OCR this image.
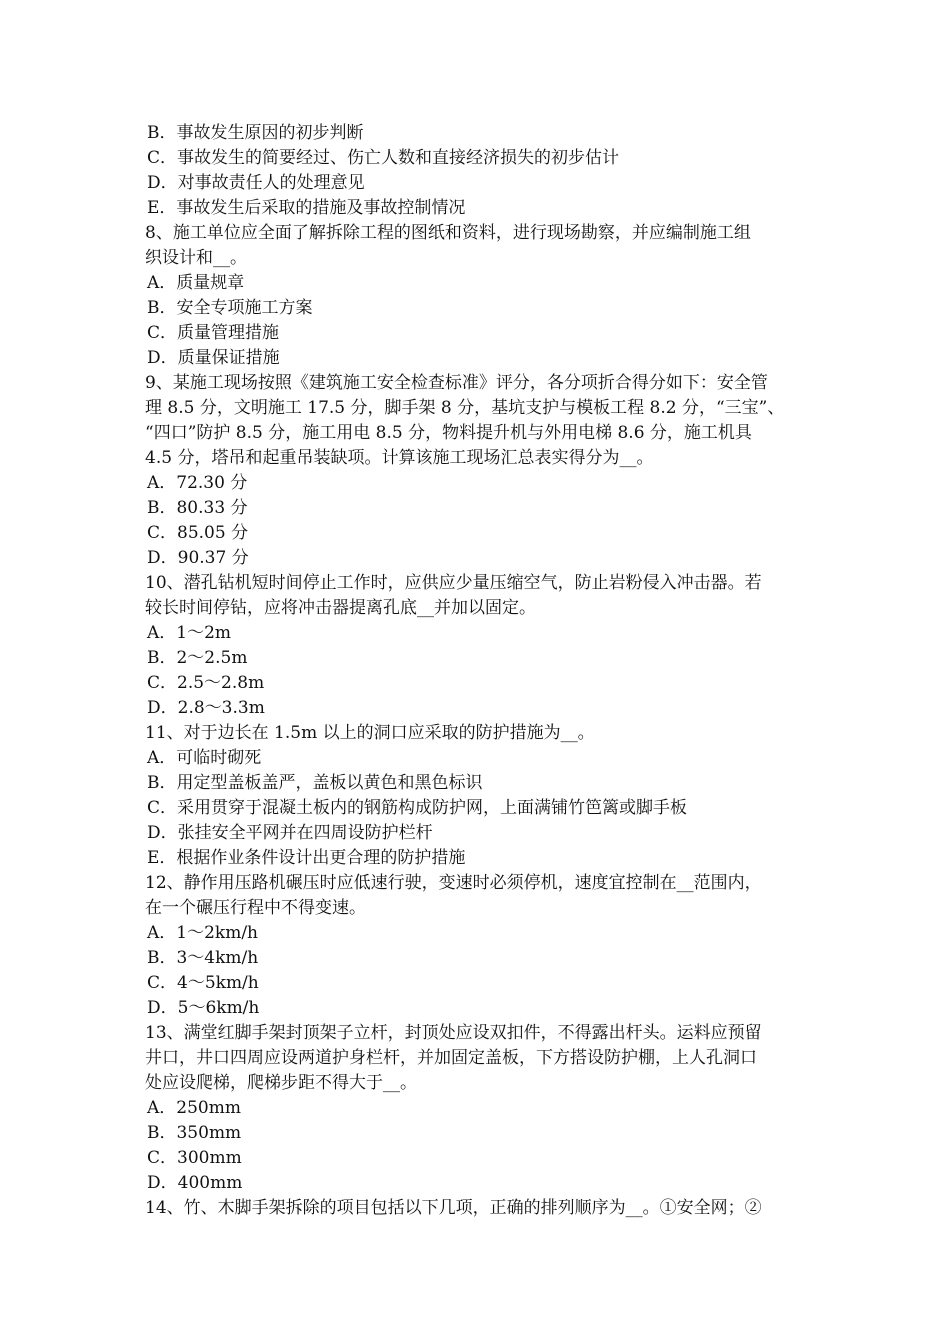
B．事故发生原因的初步判断
C．事故发生的简要经过、伤亡人数和直接经济损失的初步估计
D．对事故责任人的处理意见
E．事故发生后采取的措施及事故控制情况
8、施工单位应全面了解拆除工程的图纸和资料，进行现场勘察，并应编制施工组
织设计和__。
A．质量规章
B．安全专项施工方案
C．质量管理措施
D．质量保证措施
9、某施工现场按照《建筑施工安全检查标准》评分，各分项折合得分如下：安全管
理 8.5 分，文明施工 17.5 分，脚手架 8 分，基坑支护与模板工程 8.2 分，“三宝”、
“四口”防护 8.5 分，施工用电 8.5 分，物料提升机与外用电梯 8.6 分，施工机具
4.5 分，塔吊和起重吊装缺项。计算该施工现场汇总表实得分为__。
A．72.30 分
B．80.33 分
C．85.05 分
D．90.37 分
10、潜孔钻机短时间停止工作时，应供应少量压缩空气，防止岩粉侵入冲击器。若
较长时间停钻，应将冲击器提离孔底__并加以固定。
A．1～2m
B．2～2.5m
C．2.5～2.8m
D．2.8～3.3m
11、对于边长在 1.5m 以上的洞口应采取的防护措施为__。
A．可临时砌死
B．用定型盖板盖严，盖板以黄色和黑色标识
C．采用贯穿于混凝土板内的钢筋构成防护网，上面满铺竹笆篱或脚手板
D．张挂安全平网并在四周设防护栏杆
E．根据作业条件设计出更合理的防护措施
12、静作用压路机碾压时应低速行驶，变速时必须停机，速度宜控制在__范围内，
在一个碾压行程中不得变速。
A．1～2km/h
B．3～4km/h
C．4～5km/h
D．5～6km/h
13、满堂红脚手架封顶架子立杆，封顶处应设双扣件，不得露出杆头。运料应预留
井口，井口四周应设两道护身栏杆，并加固定盖板，下方搭设防护棚，上人孔洞口
处应设爬梯，爬梯步距不得大于__。
A．250mm
B．350mm
C．300mm
D．400mm
14、竹、木脚手架拆除的项目包括以下几项，正确的排列顺序为__。①安全网；②
